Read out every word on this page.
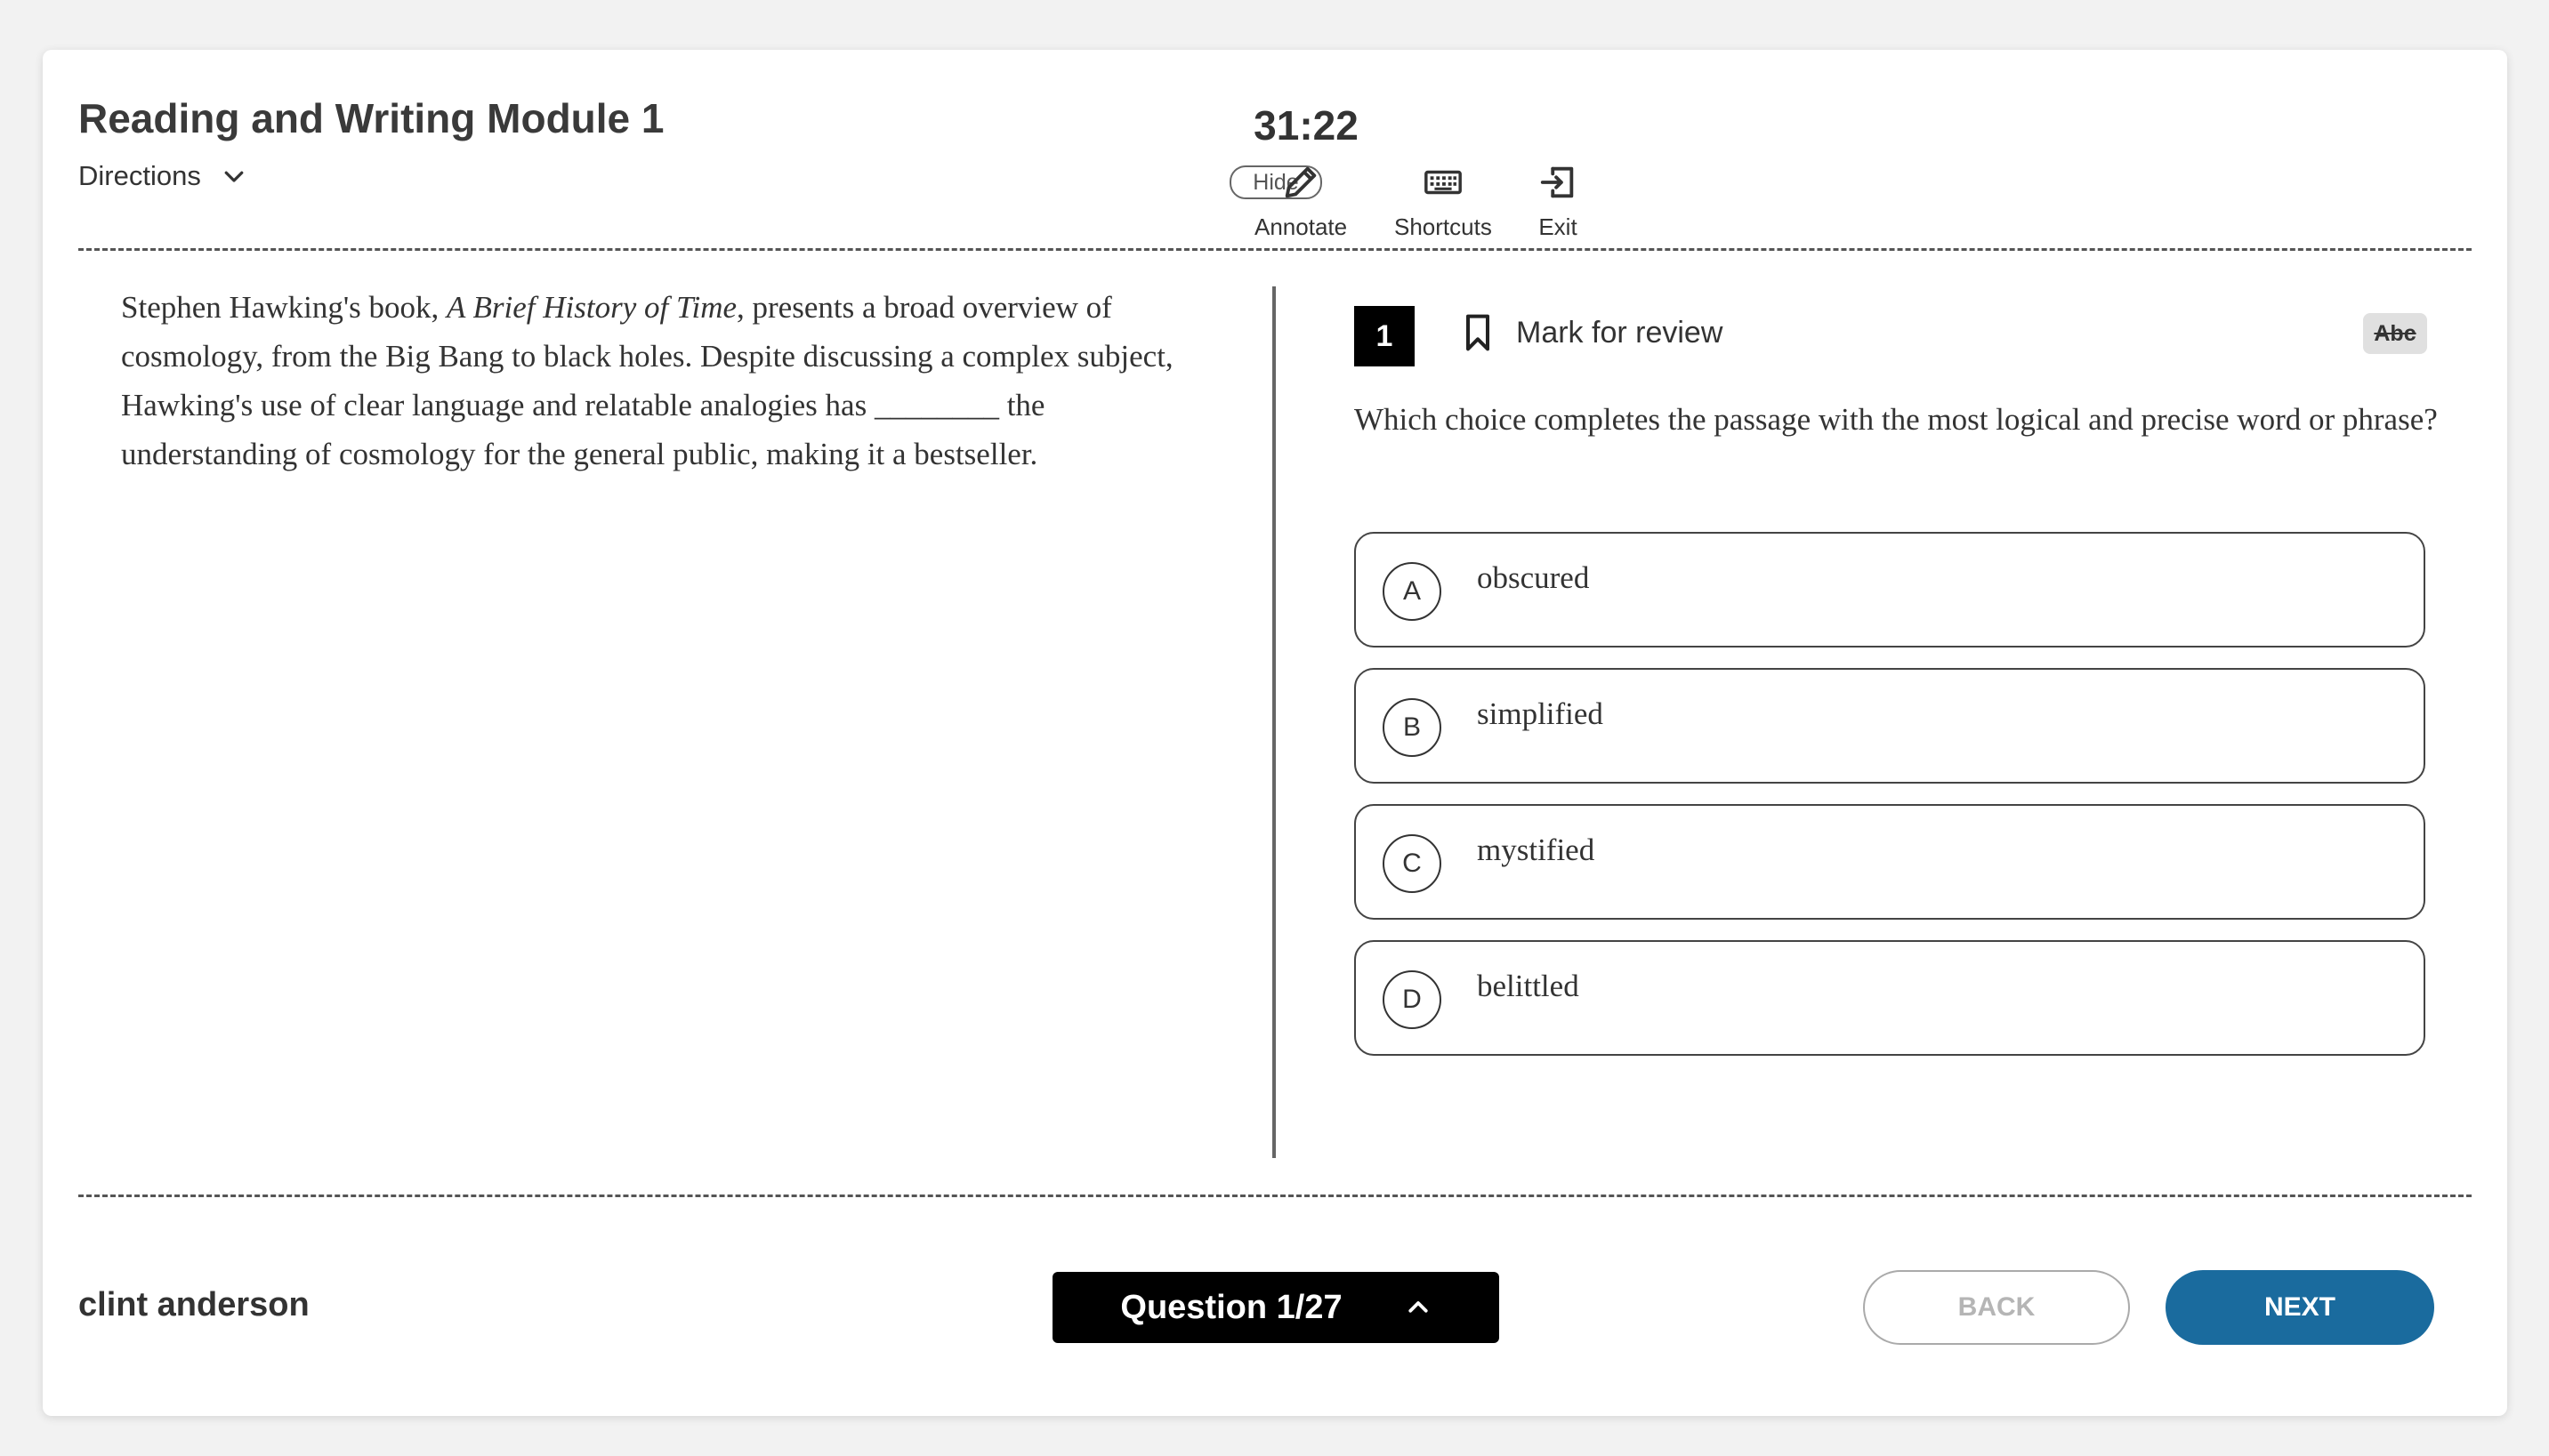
Reading and Writing Module 1
Directions
31:22
Hide
Annotate Shortcuts Exit
Stephen Hawking's book, A Brief History of Time, presents a broad overview of cosmology, from the Big Bang to black holes. Despite discussing a complex subject, Hawking's use of clear language and relatable analogies has ________ the understanding of cosmology for the general public, making it a bestseller.
1	Mark for review	Abc
Which choice completes the passage with the most logical and precise word or phrase?
A	obscured
B	simplified
C	mystified
D	belittled
clint anderson	Question 1/27	BACK	NEXT
